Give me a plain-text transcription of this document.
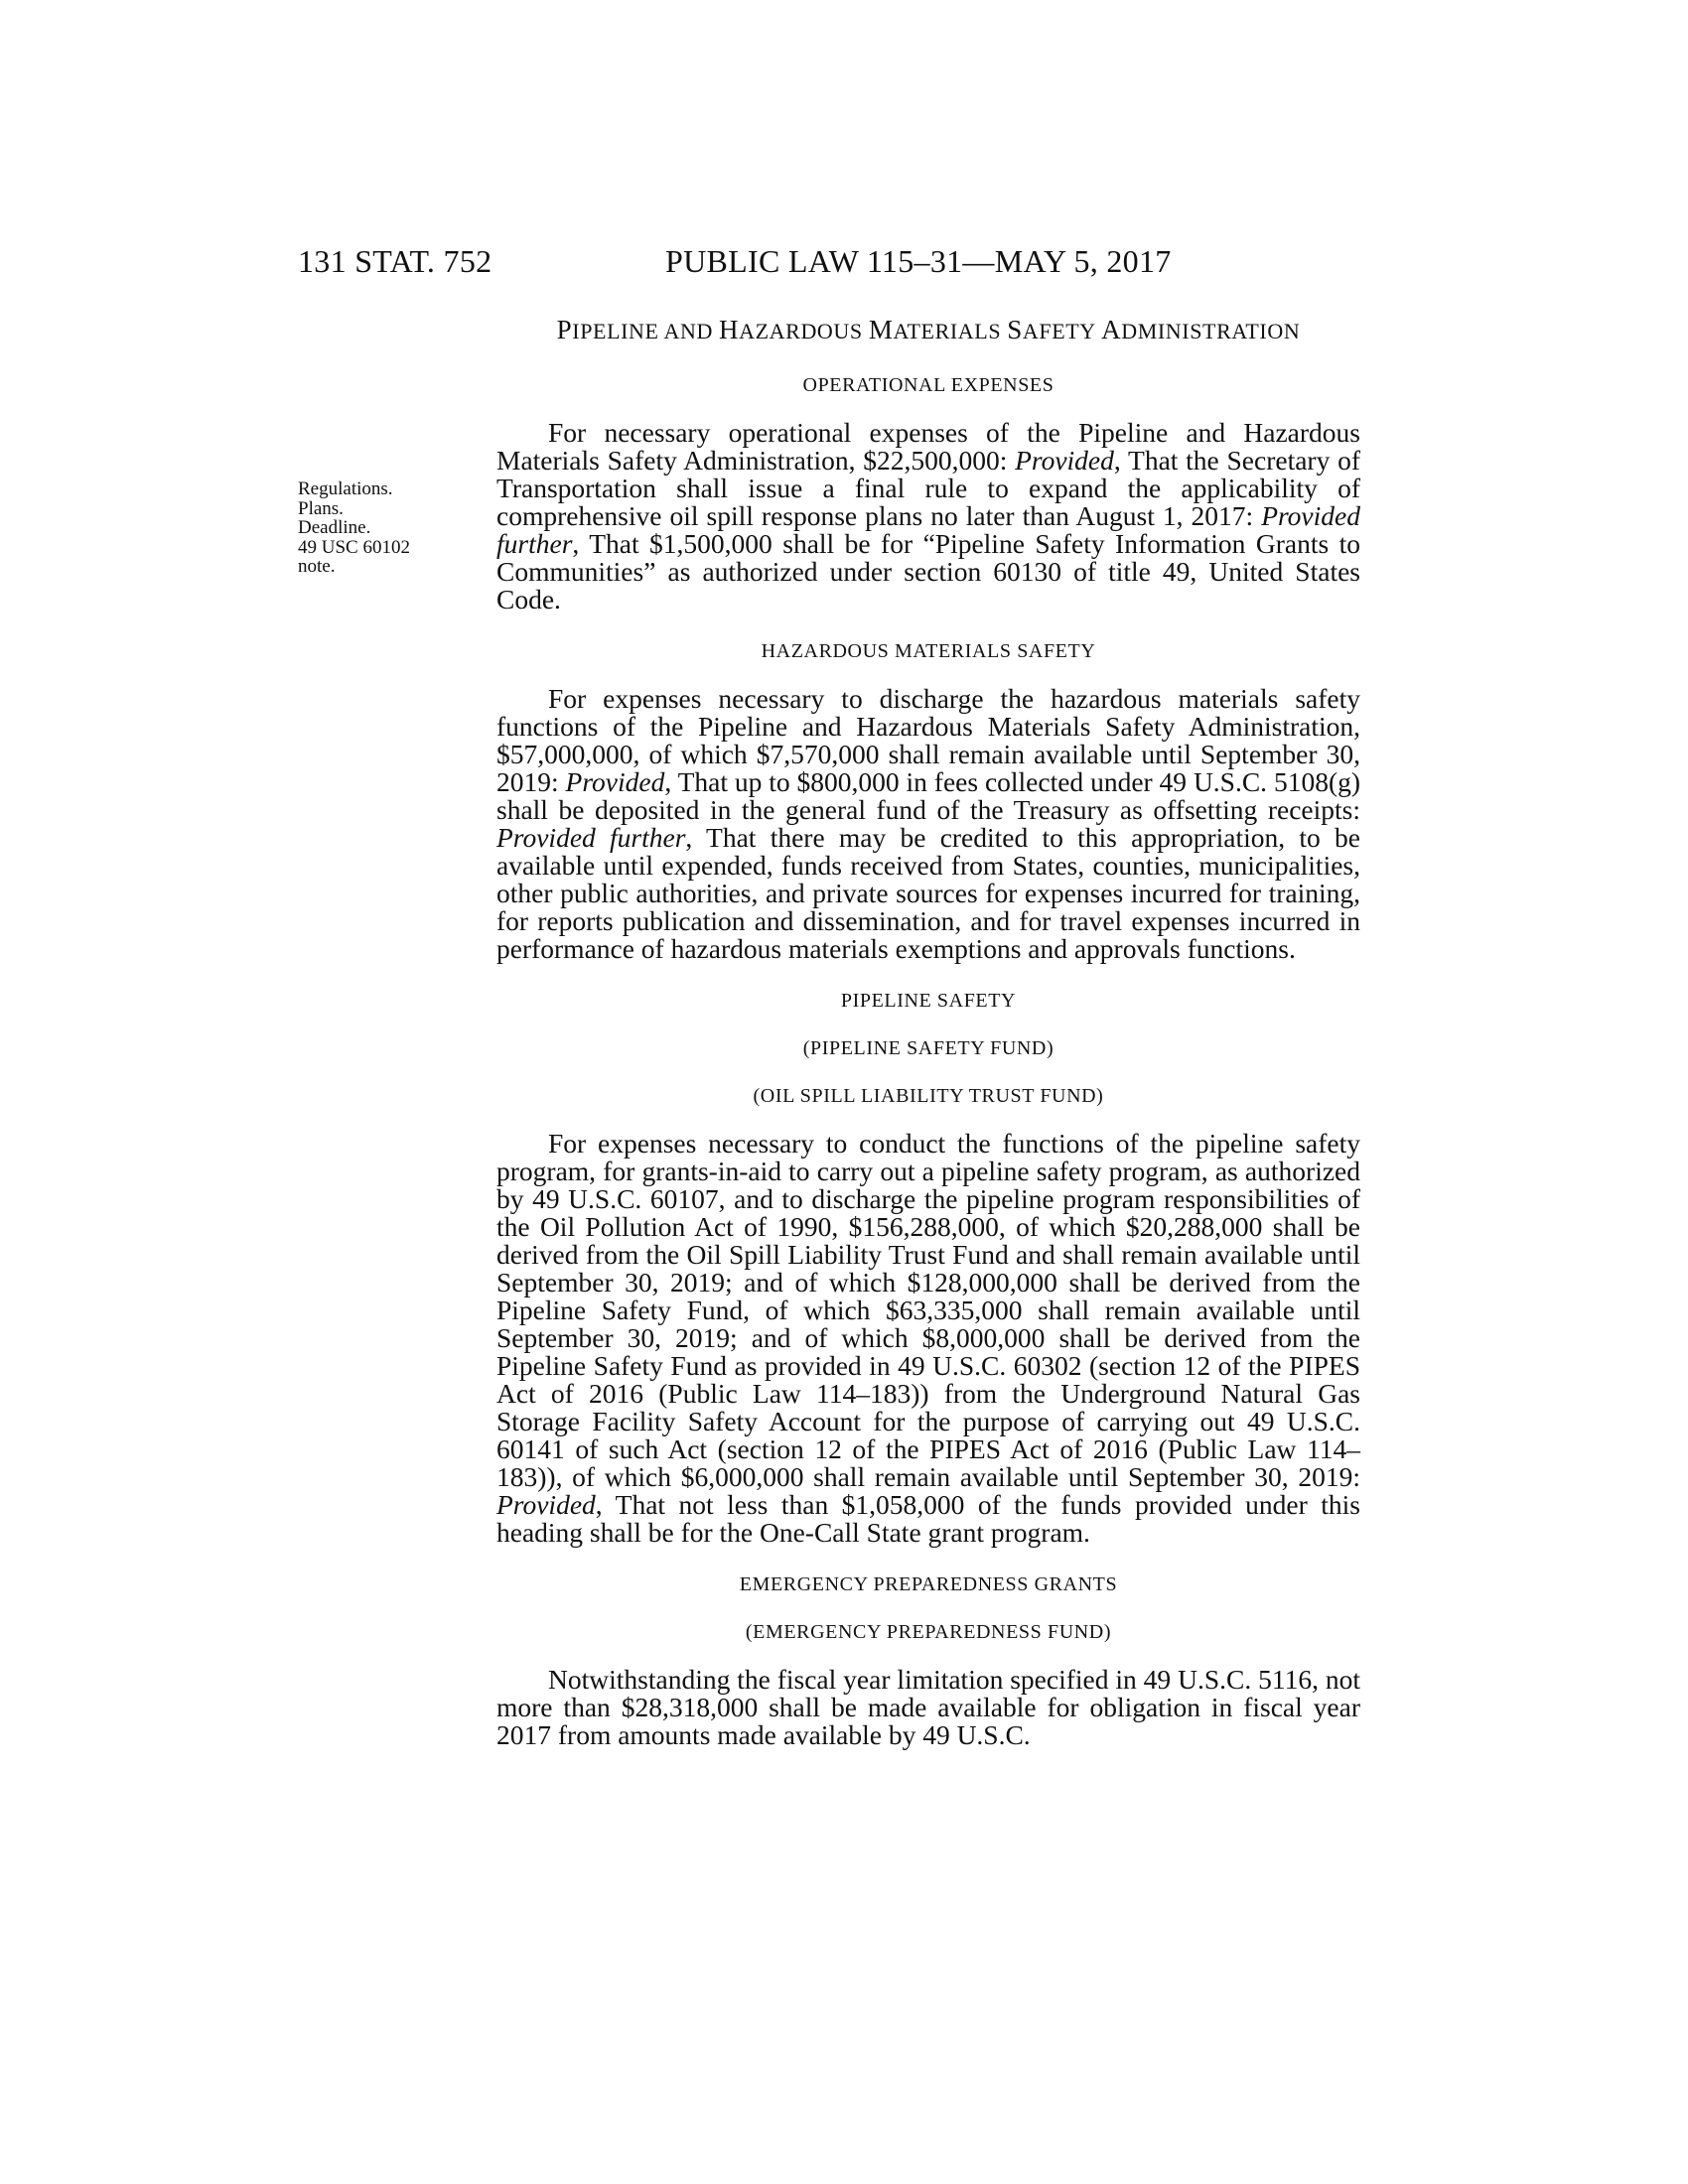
131 STAT. 752	PUBLIC LAW 115–31—MAY 5, 2017
Regulations.
Plans.
Deadline.
49 USC 60102
note.
PIPELINE AND HAZARDOUS MATERIALS SAFETY ADMINISTRATION
OPERATIONAL EXPENSES
For necessary operational expenses of the Pipeline and Hazardous Materials Safety Administration, $22,500,000: Provided, That the Secretary of Transportation shall issue a final rule to expand the applicability of comprehensive oil spill response plans no later than August 1, 2017: Provided further, That $1,500,000 shall be for “Pipeline Safety Information Grants to Communities” as authorized under section 60130 of title 49, United States Code.
HAZARDOUS MATERIALS SAFETY
For expenses necessary to discharge the hazardous materials safety functions of the Pipeline and Hazardous Materials Safety Administration, $57,000,000, of which $7,570,000 shall remain available until September 30, 2019: Provided, That up to $800,000 in fees collected under 49 U.S.C. 5108(g) shall be deposited in the general fund of the Treasury as offsetting receipts: Provided further, That there may be credited to this appropriation, to be available until expended, funds received from States, counties, municipalities, other public authorities, and private sources for expenses incurred for training, for reports publication and dissemination, and for travel expenses incurred in performance of hazardous materials exemptions and approvals functions.
PIPELINE SAFETY
(PIPELINE SAFETY FUND)
(OIL SPILL LIABILITY TRUST FUND)
For expenses necessary to conduct the functions of the pipeline safety program, for grants-in-aid to carry out a pipeline safety program, as authorized by 49 U.S.C. 60107, and to discharge the pipeline program responsibilities of the Oil Pollution Act of 1990, $156,288,000, of which $20,288,000 shall be derived from the Oil Spill Liability Trust Fund and shall remain available until September 30, 2019; and of which $128,000,000 shall be derived from the Pipeline Safety Fund, of which $63,335,000 shall remain available until September 30, 2019; and of which $8,000,000 shall be derived from the Pipeline Safety Fund as provided in 49 U.S.C. 60302 (section 12 of the PIPES Act of 2016 (Public Law 114–183)) from the Underground Natural Gas Storage Facility Safety Account for the purpose of carrying out 49 U.S.C. 60141 of such Act (section 12 of the PIPES Act of 2016 (Public Law 114–183)), of which $6,000,000 shall remain available until September 30, 2019: Provided, That not less than $1,058,000 of the funds provided under this heading shall be for the One-Call State grant program.
EMERGENCY PREPAREDNESS GRANTS
(EMERGENCY PREPAREDNESS FUND)
Notwithstanding the fiscal year limitation specified in 49 U.S.C. 5116, not more than $28,318,000 shall be made available for obligation in fiscal year 2017 from amounts made available by 49 U.S.C.
